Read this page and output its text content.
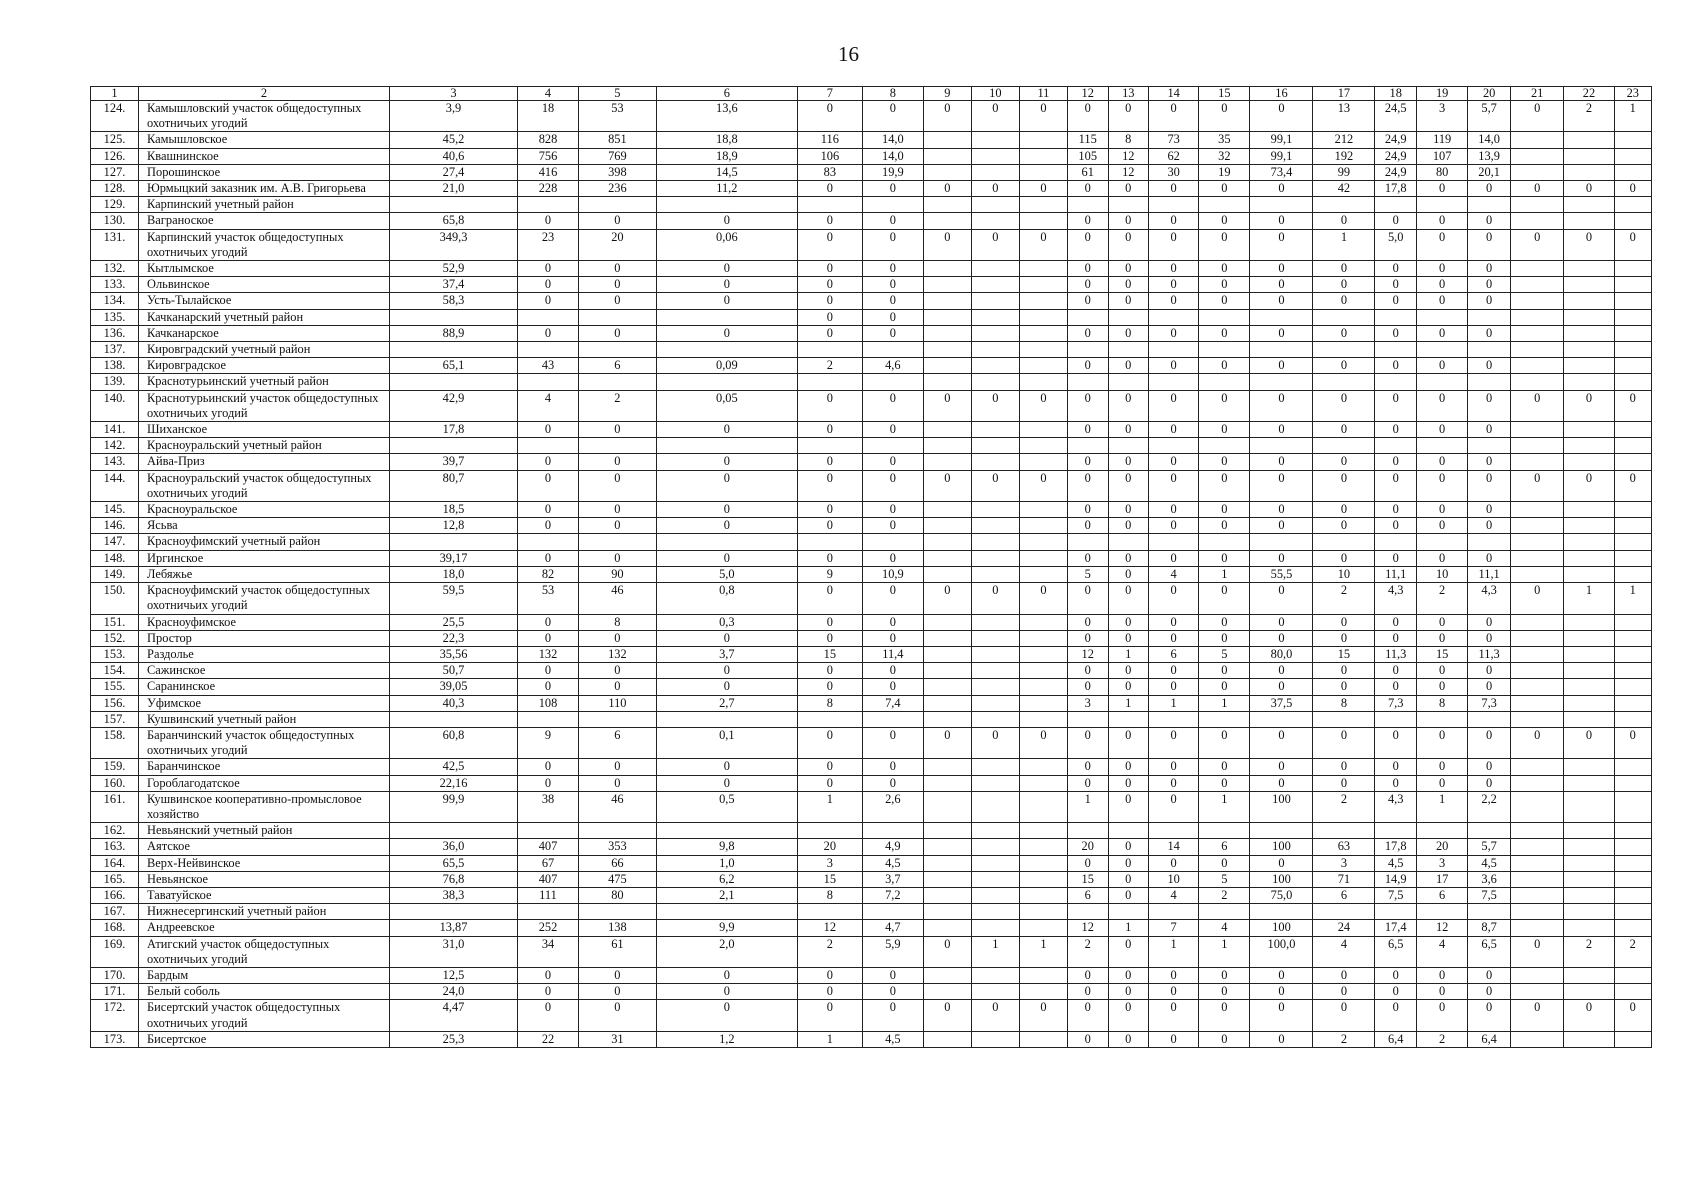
16
1	2	3	4	5	6	7	8	9	10	11	12	13	14	15	16	17	18	19	20	21	22	23
124.	Камышловский участок общедоступных охотничьих угодий	3,9	18	53	13,6	0	0	0	0	0	0	0	0	0	0	13	24,5	3	5,7	0	2	1
125.	Камышловское	45,2	828	851	18,8	116	14,0				115	8	73	35	99,1	212	24,9	119	14,0			
126.	Квашнинское	40,6	756	769	18,9	106	14,0				105	12	62	32	99,1	192	24,9	107	13,9			
127.	Порошинское	27,4	416	398	14,5	83	19,9				61	12	30	19	73,4	99	24,9	80	20,1			
128.	Юрмыцкий заказник им. А.В. Григорьева	21,0	228	236	11,2	0	0	0	0	0	0	0	0	0	0	42	17,8	0	0	0	0	0
129.	Карпинский учетный район																					
130.	Ваграноское	65,8	0	0	0	0	0				0	0	0	0	0	0	0	0	0			
131.	Карпинский участок общедоступных охотничьих угодий	349,3	23	20	0,06	0	0	0	0	0	0	0	0	0	0	1	5,0	0	0	0	0	0
132.	Кытлымское	52,9	0	0	0	0	0				0	0	0	0	0	0	0	0	0			
133.	Ольвинское	37,4	0	0	0	0	0				0	0	0	0	0	0	0	0	0			
134.	Усть-Тылайское	58,3	0	0	0	0	0				0	0	0	0	0	0	0	0	0			
135.	Качканарский учетный район					0	0															
136.	Качканарское	88,9	0	0	0	0	0				0	0	0	0	0	0	0	0	0			
137.	Кировградский учетный район																					
138.	Кировградское	65,1	43	6	0,09	2	4,6				0	0	0	0	0	0	0	0	0			
139.	Краснотурьинский учетный район																					
140.	Краснотурьинский участок общедоступных охотничьих угодий	42,9	4	2	0,05	0	0	0	0	0	0	0	0	0	0	0	0	0	0	0	0	0
141.	Шиханское	17,8	0	0	0	0	0				0	0	0	0	0	0	0	0	0			
142.	Красноуральский учетный район																					
143.	Айва-Приз	39,7	0	0	0	0	0				0	0	0	0	0	0	0	0	0			
144.	Красноуральский участок общедоступных охотничьих угодий	80,7	0	0	0	0	0	0	0	0	0	0	0	0	0	0	0	0	0	0	0	0
145.	Красноуральское	18,5	0	0	0	0	0				0	0	0	0	0	0	0	0	0			
146.	Ясьва	12,8	0	0	0	0	0				0	0	0	0	0	0	0	0	0			
147.	Красноуфимский учетный район																					
148.	Иргинское	39,17	0	0	0	0	0				0	0	0	0	0	0	0	0	0			
149.	Лебяжье	18,0	82	90	5,0	9	10,9				5	0	4	1	55,5	10	11,1	10	11,1			
150.	Красноуфимский участок общедоступных охотничьих угодий	59,5	53	46	0,8	0	0	0	0	0	0	0	0	0	0	2	4,3	2	4,3	0	1	1
151.	Красноуфимское	25,5	0	8	0,3	0	0				0	0	0	0	0	0	0	0	0			
152.	Простор	22,3	0	0	0	0	0				0	0	0	0	0	0	0	0	0			
153.	Раздолье	35,56	132	132	3,7	15	11,4				12	1	6	5	80,0	15	11,3	15	11,3			
154.	Сажинское	50,7	0	0	0	0	0				0	0	0	0	0	0	0	0	0			
155.	Саранинское	39,05	0	0	0	0	0				0	0	0	0	0	0	0	0	0			
156.	Уфимское	40,3	108	110	2,7	8	7,4				3	1	1	1	37,5	8	7,3	8	7,3			
157.	Кушвинский учетный район																					
158.	Баранчинский участок общедоступных охотничьих угодий	60,8	9	6	0,1	0	0	0	0	0	0	0	0	0	0	0	0	0	0	0	0	0
159.	Баранчинское	42,5	0	0	0	0	0				0	0	0	0	0	0	0	0	0			
160.	Гороблагодатское	22,16	0	0	0	0	0				0	0	0	0	0	0	0	0	0			
161.	Кушвинское кооперативно-промысловое хозяйство	99,9	38	46	0,5	1	2,6				1	0	0	1	100	2	4,3	1	2,2			
162.	Невьянский учетный район																					
163.	Аятское	36,0	407	353	9,8	20	4,9				20	0	14	6	100	63	17,8	20	5,7			
164.	Верх-Нейвинское	65,5	67	66	1,0	3	4,5				0	0	0	0	0	3	4,5	3	4,5			
165.	Невьянское	76,8	407	475	6,2	15	3,7				15	0	10	5	100	71	14,9	17	3,6			
166.	Таватуйское	38,3	111	80	2,1	8	7,2				6	0	4	2	75,0	6	7,5	6	7,5			
167.	Нижнесергинский учетный район																					
168.	Андреевское	13,87	252	138	9,9	12	4,7				12	1	7	4	100	24	17,4	12	8,7			
169.	Атигский участок общедоступных охотничьих угодий	31,0	34	61	2,0	2	5,9	0	1	1	2	0	1	1	100,0	4	6,5	4	6,5	0	2	2
170.	Бардым	12,5	0	0	0	0	0				0	0	0	0	0	0	0	0	0			
171.	Белый соболь	24,0	0	0	0	0	0				0	0	0	0	0	0	0	0	0			
172.	Бисертский участок общедоступных охотничьих угодий	4,47	0	0	0	0	0	0	0	0	0	0	0	0	0	0	0	0	0	0	0	0
173.	Бисертское	25,3	22	31	1,2	1	4,5				0	0	0	0	0	2	6,4	2	6,4			
